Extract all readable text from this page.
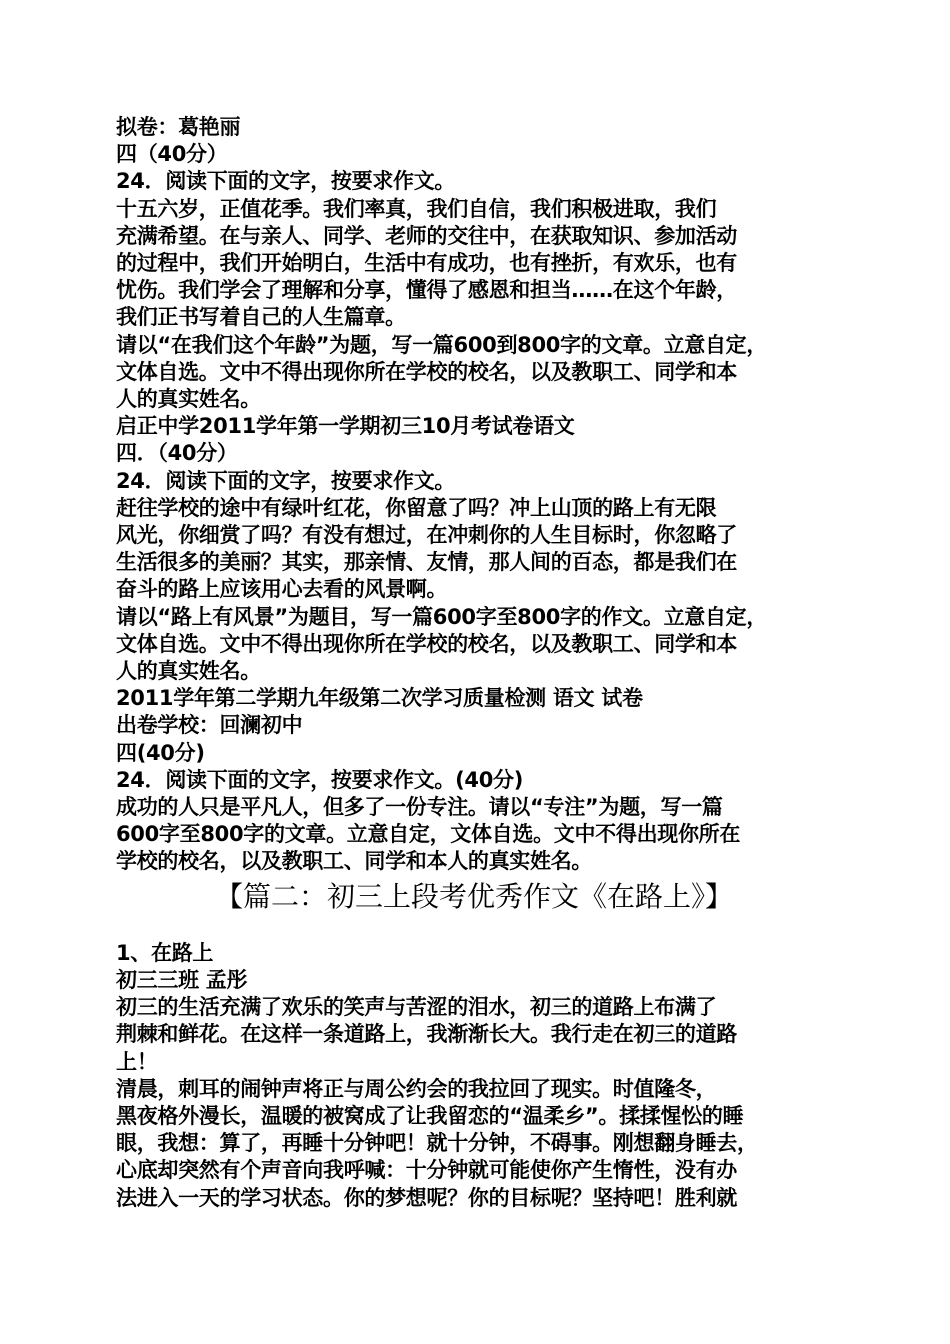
拟卷：葛艳丽

四（40分）

24．阅读下面的文字，按要求作文。

十五六岁，正值花季。我们率真，我们自信，我们积极进取，我们

充满希望。在与亲人、同学、老师的交往中，在获取知识、参加活动

的过程中，我们开始明白，生活中有成功，也有挫折，有欢乐，也有

忧伤。我们学会了理解和分享，懂得了感恩和担当……在这个年龄，

我们正书写着自己的人生篇章。

请以“在我们这个年龄”为题，写一篇600到800字的文章。立意自定，

文体自选。文中不得出现你所在学校的校名，以及教职工、同学和本

人的真实姓名。

启正中学2011学年第一学期初三10月考试卷语文

四．（40分）

24．阅读下面的文字，按要求作文。

赶往学校的途中有绿叶红花，你留意了吗？冲上山顶的路上有无限

风光，你细赏了吗？有没有想过，在冲刺你的人生目标时，你忽略了

生活很多的美丽？其实，那亲情、友情，那人间的百态，都是我们在

奋斗的路上应该用心去看的风景啊。

请以“路上有风景”为题目，写一篇600字至800字的作文。立意自定，

文体自选。文中不得出现你所在学校的校名，以及教职工、同学和本

人的真实姓名。

2011学年第二学期九年级第二次学习质量检测 语文 试卷

出卷学校：回澜初中

四(40分)

24．阅读下面的文字，按要求作文。(40分)

成功的人只是平凡人，但多了一份专注。请以“专注”为题，写一篇

600字至800字的文章。立意自定，文体自选。文中不得出现你所在

学校的校名，以及教职工、同学和本人的真实姓名。

【篇二：初三上段考优秀作文《在路上》】

1、在路上

初三三班 孟彤

初三的生活充满了欢乐的笑声与苦涩的泪水，初三的道路上布满了

荆棘和鲜花。在这样一条道路上，我渐渐长大。我行走在初三的道路

上！

清晨，刺耳的闹钟声将正与周公约会的我拉回了现实。时值隆冬，

黑夜格外漫长，温暖的被窝成了让我留恋的“温柔乡”。揉揉惺忪的睡

眼，我想：算了，再睡十分钟吧！就十分钟，不碍事。刚想翻身睡去，

心底却突然有个声音向我呼喊：十分钟就可能使你产生惰性，没有办

法进入一天的学习状态。你的梦想呢？你的目标呢？坚持吧！胜利就
